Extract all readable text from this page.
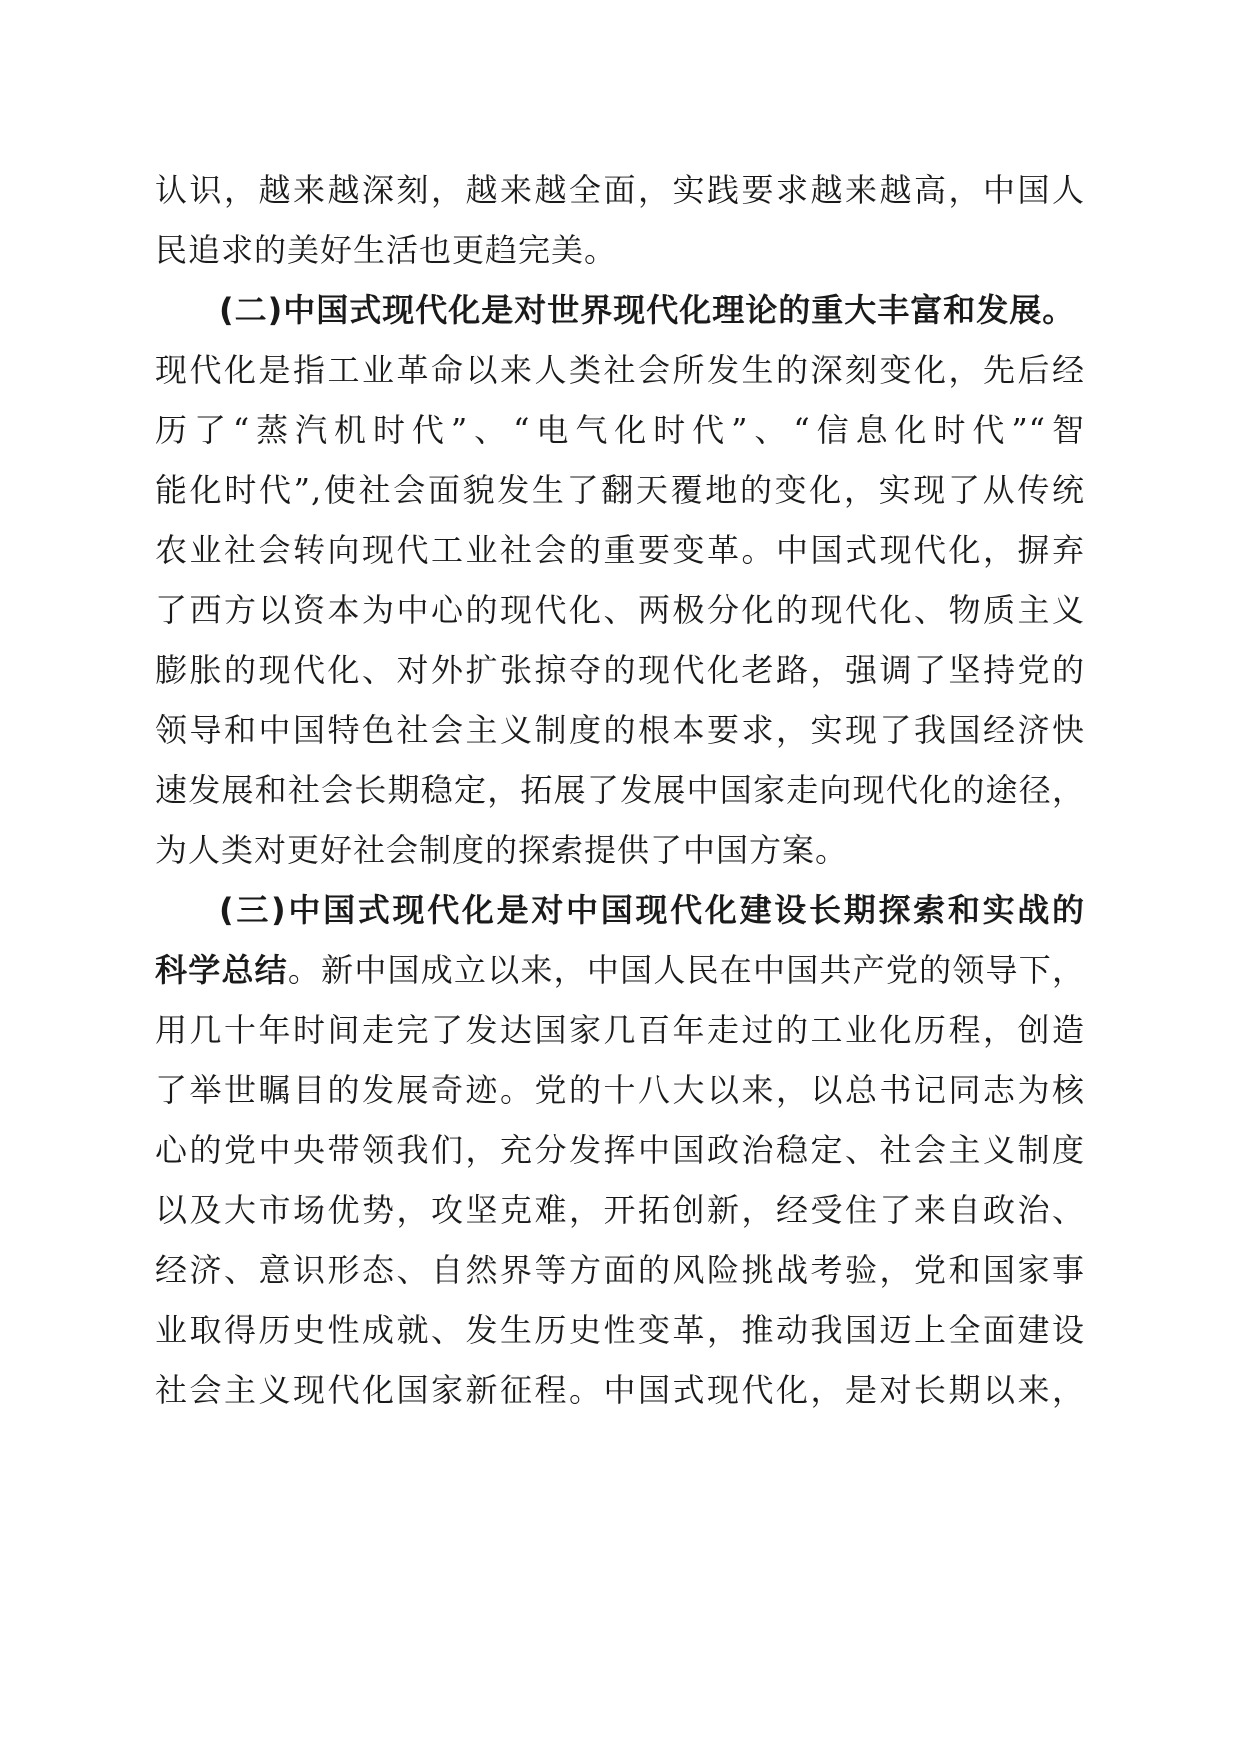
认识，越来越深刻，越来越全面，实践要求越来越高，中国人
民追求的美好生活也更趋完美。
(二)中国式现代化是对世界现代化理论的重大丰富和发展。
现代化是指工业革命以来人类社会所发生的深刻变化，先后经
历了“蒸汽机时代”、“电气化时代”、“信息化时代”“智
能化时代”,使社会面貌发生了翻天覆地的变化，实现了从传统
农业社会转向现代工业社会的重要变革。中国式现代化，摒弃
了西方以资本为中心的现代化、两极分化的现代化、物质主义
膨胀的现代化、对外扩张掠夺的现代化老路，强调了坚持党的
领导和中国特色社会主义制度的根本要求，实现了我国经济快
速发展和社会长期稳定，拓展了发展中国家走向现代化的途径，
为人类对更好社会制度的探索提供了中国方案。
(三)中国式现代化是对中国现代化建设长期探索和实战的
科学总结。新中国成立以来，中国人民在中国共产党的领导下，
用几十年时间走完了发达国家几百年走过的工业化历程，创造
了举世瞩目的发展奇迹。党的十八大以来，以总书记同志为核
心的党中央带领我们，充分发挥中国政治稳定、社会主义制度
以及大市场优势，攻坚克难，开拓创新，经受住了来自政治、
经济、意识形态、自然界等方面的风险挑战考验，党和国家事
业取得历史性成就、发生历史性变革，推动我国迈上全面建设
社会主义现代化国家新征程。中国式现代化，是对长期以来，
